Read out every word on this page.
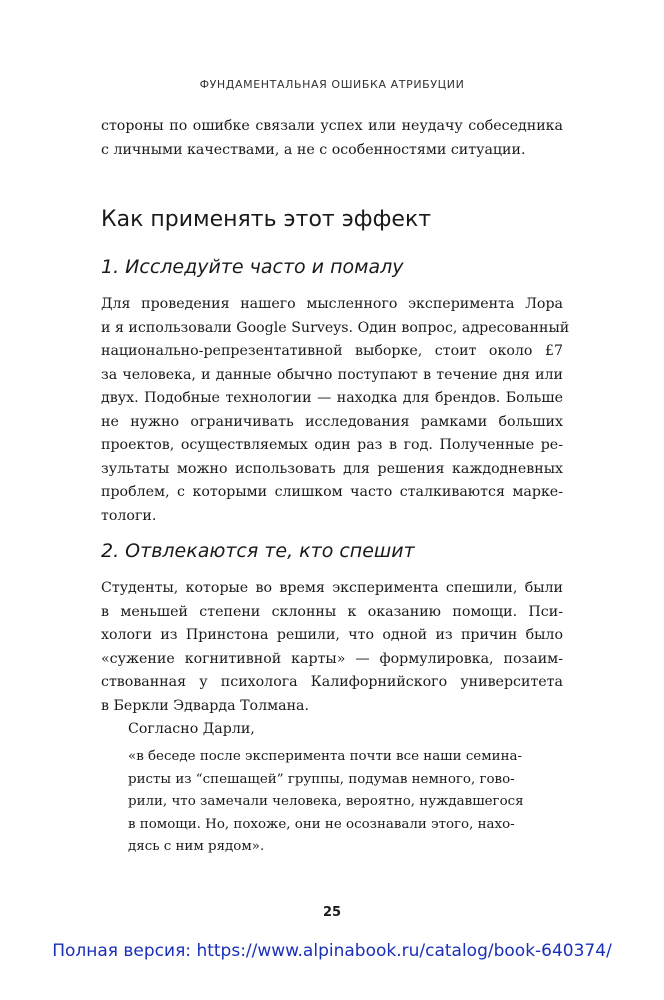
ФУНДАМЕНТАЛЬНАЯ ОШИБКА АТРИБУЦИИ
стороны по ошибке связали успех или неудачу собеседника
с личными качествами, а не с особенностями ситуации.
Как применять этот эффект
1. Исследуйте часто и помалу
Для проведения нашего мысленного эксперимента Лора
и я использовали Google Surveys. Один вопрос, адресованный
национально-репрезентативной выборке, стоит около £7
за человека, и данные обычно поступают в течение дня или
двух. Подобные технологии — находка для брендов. Больше
не нужно ограничивать исследования рамками больших
проектов, осуществляемых один раз в год. Полученные ре-
зультаты можно использовать для решения каждодневных
проблем, с которыми слишком часто сталкиваются марке-
тологи.
2. Отвлекаются те, кто спешит
Студенты, которые во время эксперимента спешили, были
в меньшей степени склонны к оказанию помощи. Пси-
хологи из Принстона решили, что одной из причин было
«сужение когнитивной карты» — формулировка, позаим-
ствованная у психолога Калифорнийского университета
в Беркли Эдварда Толмана.
Согласно Дарли,
«в беседе после эксперимента почти все наши семина-
ристы из “спешащей” группы, подумав немного, гово-
рили, что замечали человека, вероятно, нуждавшегося
в помощи. Но, похоже, они не осознавали этого, нахо-
дясь с ним рядом».
25
Полная версия: https://www.alpinabook.ru/catalog/book-640374/
